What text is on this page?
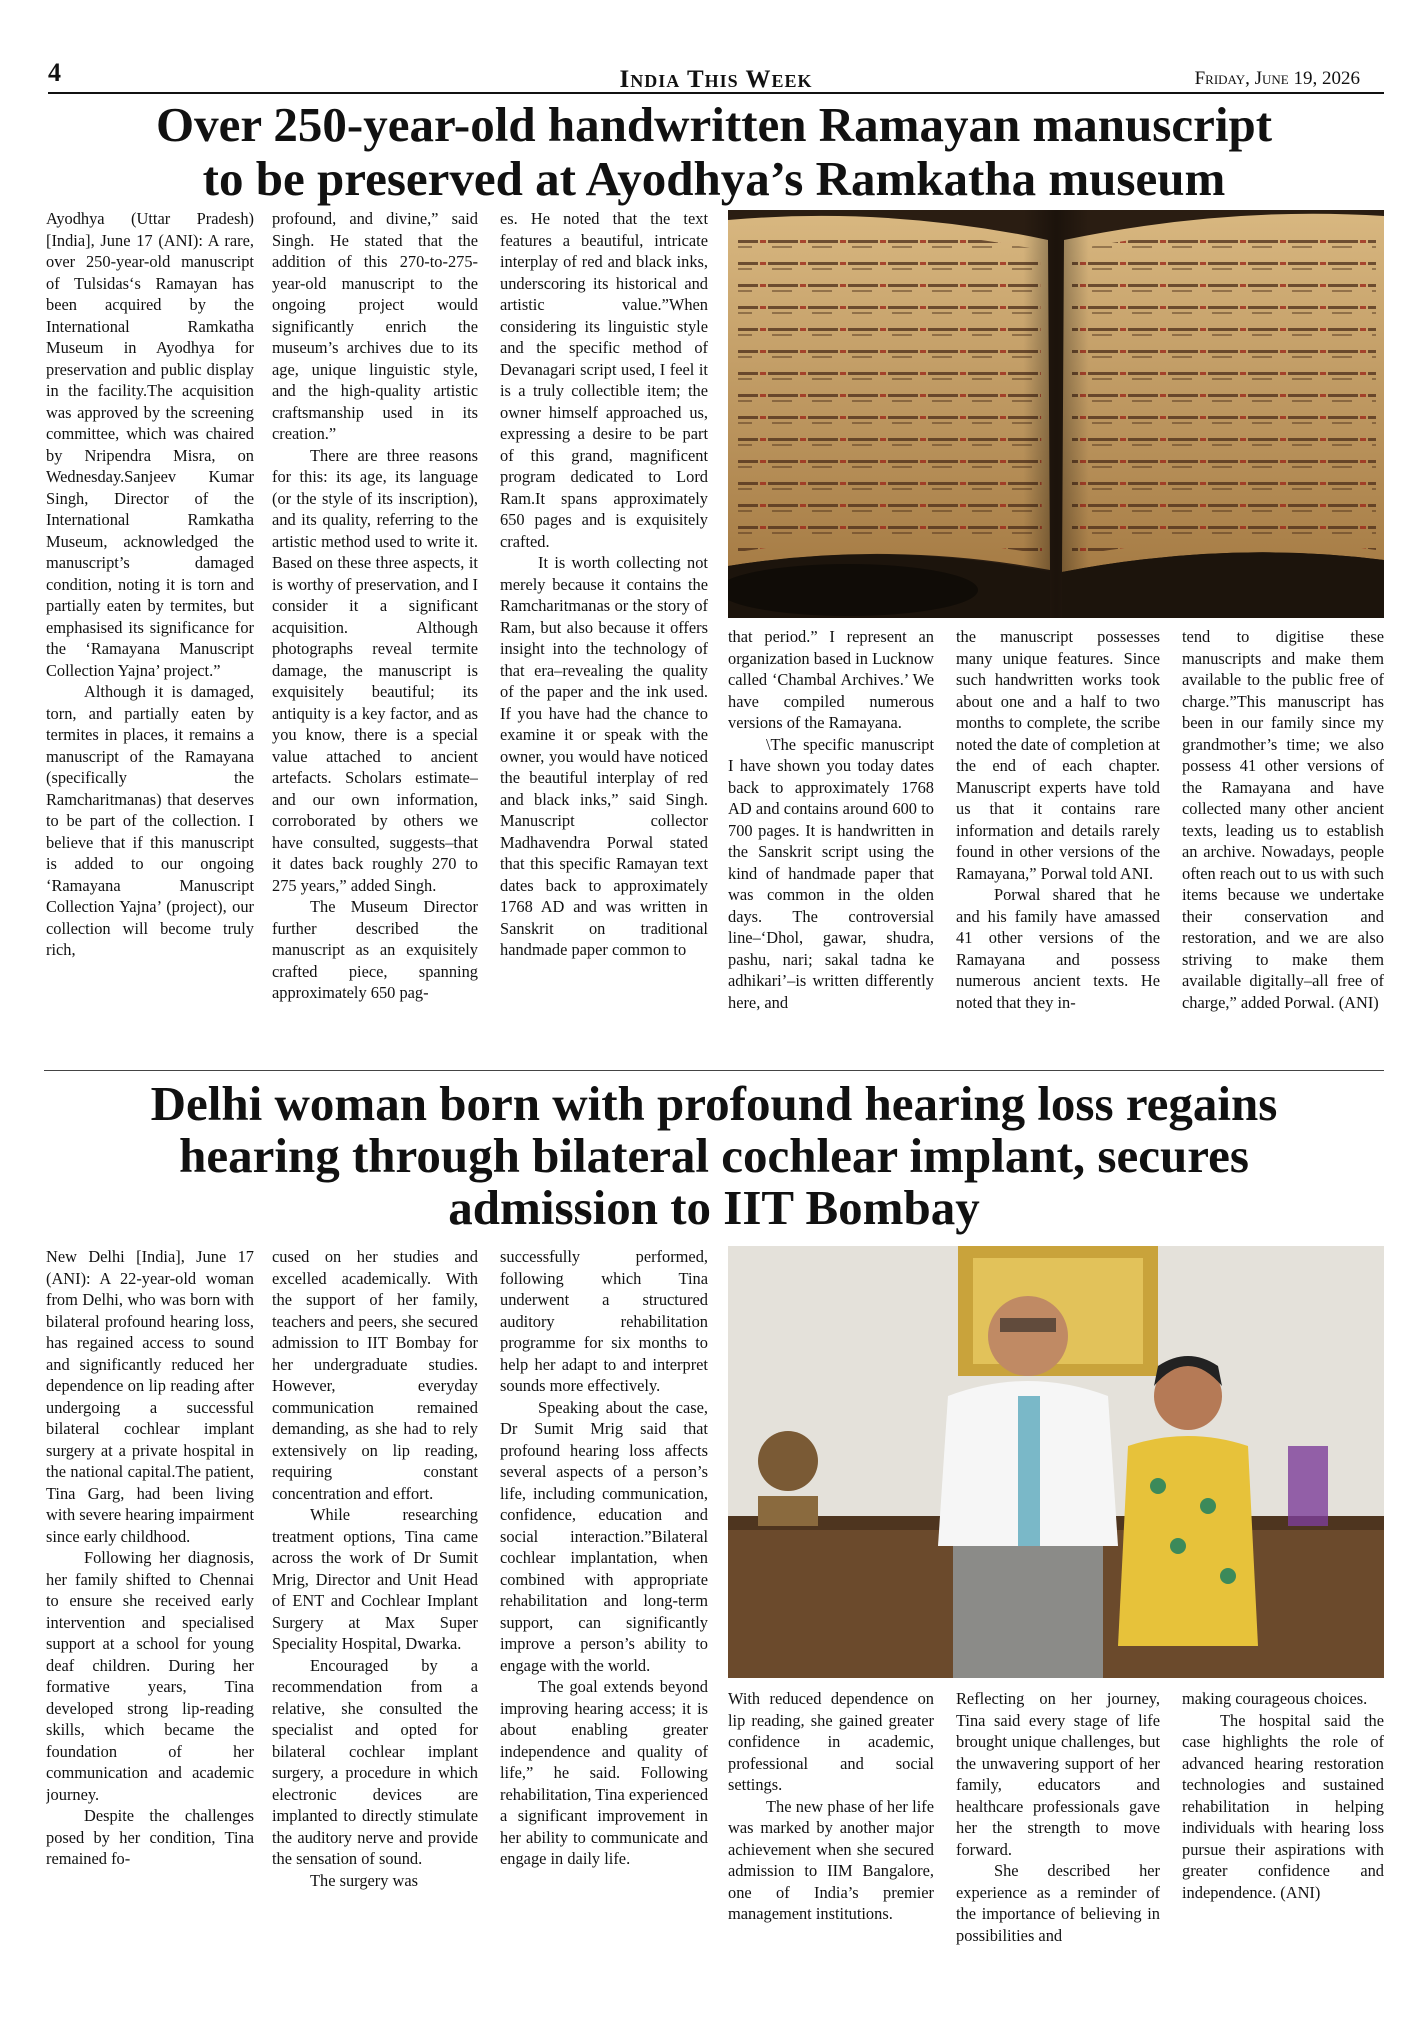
4	India This Week	Friday, June 19, 2026
Over 250-year-old handwritten Ramayan manuscript
to be preserved at Ayodhya’s Ramkatha museum

Ayodhya (Uttar Pradesh) [India], June 17 (ANI): A rare, over 250-year-old manuscript of Tulsidas‘s Ramayan has been acquired by the International Ramkatha Museum in Ayodhya for preservation and public display in the facility.The acquisition was approved by the screening committee, which was chaired by Nripendra Misra, on Wednesday.Sanjeev Kumar Singh, Director of the International Ramkatha Museum, acknowledged the manuscript’s damaged condition, noting it is torn and partially eaten by termites, but emphasised its significance for the ‘Ramayana Manuscript Collection Yajna’ project.”

Although it is damaged, torn, and partially eaten by termites in places, it remains a manuscript of the Ramayana (specifically the Ramcharitmanas) that deserves to be part of the collection. I believe that if this manuscript is added to our ongoing ‘Ramayana Manuscript Collection Yajna’ (project), our collection will become truly rich,

profound, and divine,” said Singh. He stated that the addition of this 270-to-275-year-old manuscript to the ongoing project would significantly enrich the museum’s archives due to its age, unique linguistic style, and the high-quality artistic craftsmanship used in its creation.”

There are three reasons for this: its age, its language (or the style of its inscription), and its quality, referring to the artistic method used to write it. Based on these three aspects, it is worthy of preservation, and I consider it a significant acquisition. Although photographs reveal termite damage, the manuscript is exquisitely beautiful; its antiquity is a key factor, and as you know, there is a special value attached to ancient artefacts. Scholars estimate–and our own information, corroborated by others we have consulted, suggests–that it dates back roughly 270 to 275 years,” added Singh.

The Museum Director further described the manuscript as an exquisitely crafted piece, spanning approximately 650 pag-

es. He noted that the text features a beautiful, intricate interplay of red and black inks, underscoring its historical and artistic value.”When considering its linguistic style and the specific method of Devanagari script used, I feel it is a truly collectible item; the owner himself approached us, expressing a desire to be part of this grand, magnificent program dedicated to Lord Ram.It spans approximately 650 pages and is exquisitely crafted.

It is worth collecting not merely because it contains the Ramcharitmanas or the story of Ram, but also because it offers insight into the technology of that era–revealing the quality of the paper and the ink used. If you have had the chance to examine it or speak with the owner, you would have noticed the beautiful interplay of red and black inks,” said Singh. Manuscript collector Madhavendra Porwal stated that this specific Ramayan text dates back to approximately 1768 AD and was written in Sanskrit on traditional handmade paper common to

that period.” I represent an organization based in Lucknow called ‘Chambal Archives.’ We have compiled numerous versions of the Ramayana.

\The specific manuscript I have shown you today dates back to approximately 1768 AD and contains around 600 to 700 pages. It is handwritten in the Sanskrit script using the kind of handmade paper that was common in the olden days. The controversial line–‘Dhol, gawar, shudra, pashu, nari; sakal tadna ke adhikari’–is written differently here, and

the manuscript possesses many unique features. Since such handwritten works took about one and a half to two months to complete, the scribe noted the date of completion at the end of each chapter. Manuscript experts have told us that it contains rare information and details rarely found in other versions of the Ramayana,” Porwal told ANI.

Porwal shared that he and his family have amassed 41 other versions of the Ramayana and possess numerous ancient texts. He noted that they in-

tend to digitise these manuscripts and make them available to the public free of charge.”This manuscript has been in our family since my grandmother’s time; we also possess 41 other versions of the Ramayana and have collected many other ancient texts, leading us to establish an archive. Nowadays, people often reach out to us with such items because we undertake their conservation and restoration, and we are also striving to make them available digitally–all free of charge,” added Porwal. (ANI)

Delhi woman born with profound hearing loss regains
hearing through bilateral cochlear implant, secures
admission to IIT Bombay

New Delhi [India], June 17 (ANI): A 22-year-old woman from Delhi, who was born with bilateral profound hearing loss, has regained access to sound and significantly reduced her dependence on lip reading after undergoing a successful bilateral cochlear implant surgery at a private hospital in the national capital.The patient, Tina Garg, had been living with severe hearing impairment since early childhood.

Following her diagnosis, her family shifted to Chennai to ensure she received early intervention and specialised support at a school for young deaf children. During her formative years, Tina developed strong lip-reading skills, which became the foundation of her communication and academic journey.

Despite the challenges posed by her condition, Tina remained fo-

cused on her studies and excelled academically. With the support of her family, teachers and peers, she secured admission to IIT Bombay for her undergraduate studies. However, everyday communication remained demanding, as she had to rely extensively on lip reading, requiring constant concentration and effort.

While researching treatment options, Tina came across the work of Dr Sumit Mrig, Director and Unit Head of ENT and Cochlear Implant Surgery at Max Super Speciality Hospital, Dwarka.

Encouraged by a recommendation from a relative, she consulted the specialist and opted for bilateral cochlear implant surgery, a procedure in which electronic devices are implanted to directly stimulate the auditory nerve and provide the sensation of sound.

The surgery was

successfully performed, following which Tina underwent a structured auditory rehabilitation programme for six months to help her adapt to and interpret sounds more effectively.

Speaking about the case, Dr Sumit Mrig said that profound hearing loss affects several aspects of a person’s life, including communication, confidence, education and social interaction.”Bilateral cochlear implantation, when combined with appropriate rehabilitation and long-term support, can significantly improve a person’s ability to engage with the world.

The goal extends beyond improving hearing access; it is about enabling greater independence and quality of life,” he said. Following rehabilitation, Tina experienced a significant improvement in her ability to communicate and engage in daily life.

With reduced dependence on lip reading, she gained greater confidence in academic, professional and social settings.

The new phase of her life was marked by another major achievement when she secured admission to IIM Bangalore, one of India’s premier management institutions.

Reflecting on her journey, Tina said every stage of life brought unique challenges, but the unwavering support of her family, educators and healthcare professionals gave her the strength to move forward.

She described her experience as a reminder of the importance of believing in possibilities and

making courageous choices.

The hospital said the case highlights the role of advanced hearing restoration technologies and sustained rehabilitation in helping individuals with hearing loss pursue their aspirations with greater confidence and independence. (ANI)
